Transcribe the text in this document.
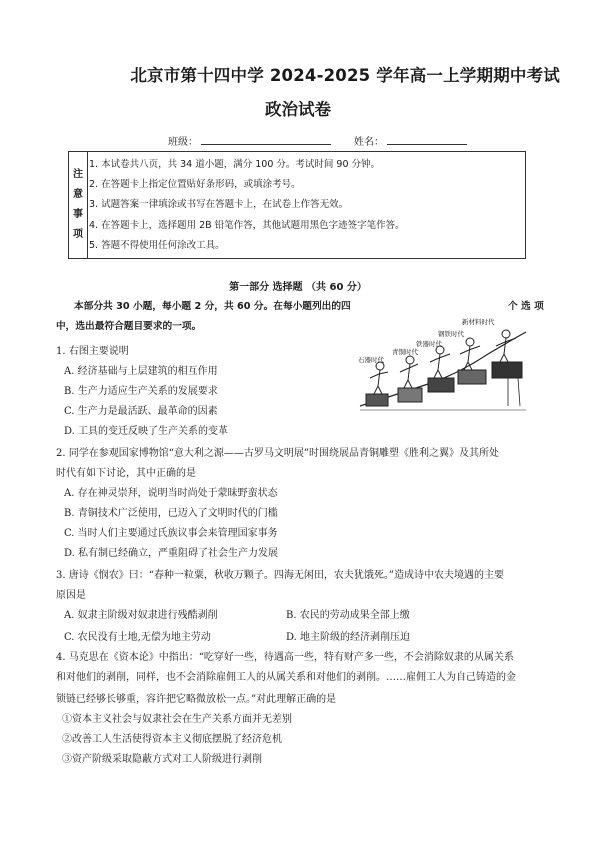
北京市第十四中学 2024-2025 学年高一上学期期中考试
政治试卷
班级：	姓名：
注
意
事
项
1. 本试卷共八页，共 34 道小题，满分 100 分。考试时间 90 分钟。
2. 在答题卡上指定位置贴好条形码，或填涂考号。
3. 试题答案一律填涂或书写在答题卡上，在试卷上作答无效。
4. 在答题卡上，选择题用 2B 铅笔作答，其他试题用黑色字迹签字笔作答。
5. 答题不得使用任何涂改工具。
第一部分 选择题 （共 60 分）
本部分共 30 小题，每小题 2 分，共 60 分。在每小题列出的四	个 选 项
中，选出最符合题目要求的一项。	新材料时代
钢铁时代
铁器时代
青铜时代
石器时代
1. 右图主要说明
A. 经济基础与上层建筑的相互作用
B. 生产力适应生产关系的发展要求
C. 生产力是最活跃、最革命的因素
D. 工具的变迁反映了生产关系的变革
2. 同学在参观国家博物馆“意大利之源——古罗马文明展”时围绕展品青铜雕塑《胜利之翼》及其所处
时代有如下讨论，其中正确的是
A. 存在神灵崇拜，说明当时尚处于蒙昧野蛮状态
B. 青铜技术广泛使用，已迈入了文明时代的门槛
C. 当时人们主要通过氏族议事会来管理国家事务
D. 私有制已经确立，严重阻碍了社会生产力发展
3. 唐诗《悯农》曰：“春种一粒粟，秋收万颗子。四海无闲田，农夫犹饿死。”造成诗中农夫境遇的主要
原因是
A. 奴隶主阶级对奴隶进行残酷剥削	B. 农民的劳动成果全部上缴
C. 农民没有土地,无偿为地主劳动	D. 地主阶级的经济剥削压迫
4. 马克思在《资本论》中指出：“吃穿好一些，待遇高一些，特有财产多一些，不会消除奴隶的从属关系
和对他们的剥削，同样，也不会消除雇佣工人的从属关系和对他们的剥削。……雇佣工人为自己铸造的金
锁链已经够长够重，容许把它略微放松一点。”对此理解正确的是
①资本主义社会与奴隶社会在生产关系方面并无差别
②改善工人生活使得资本主义彻底摆脱了经济危机
③资产阶级采取隐蔽方式对工人阶级进行剥削
